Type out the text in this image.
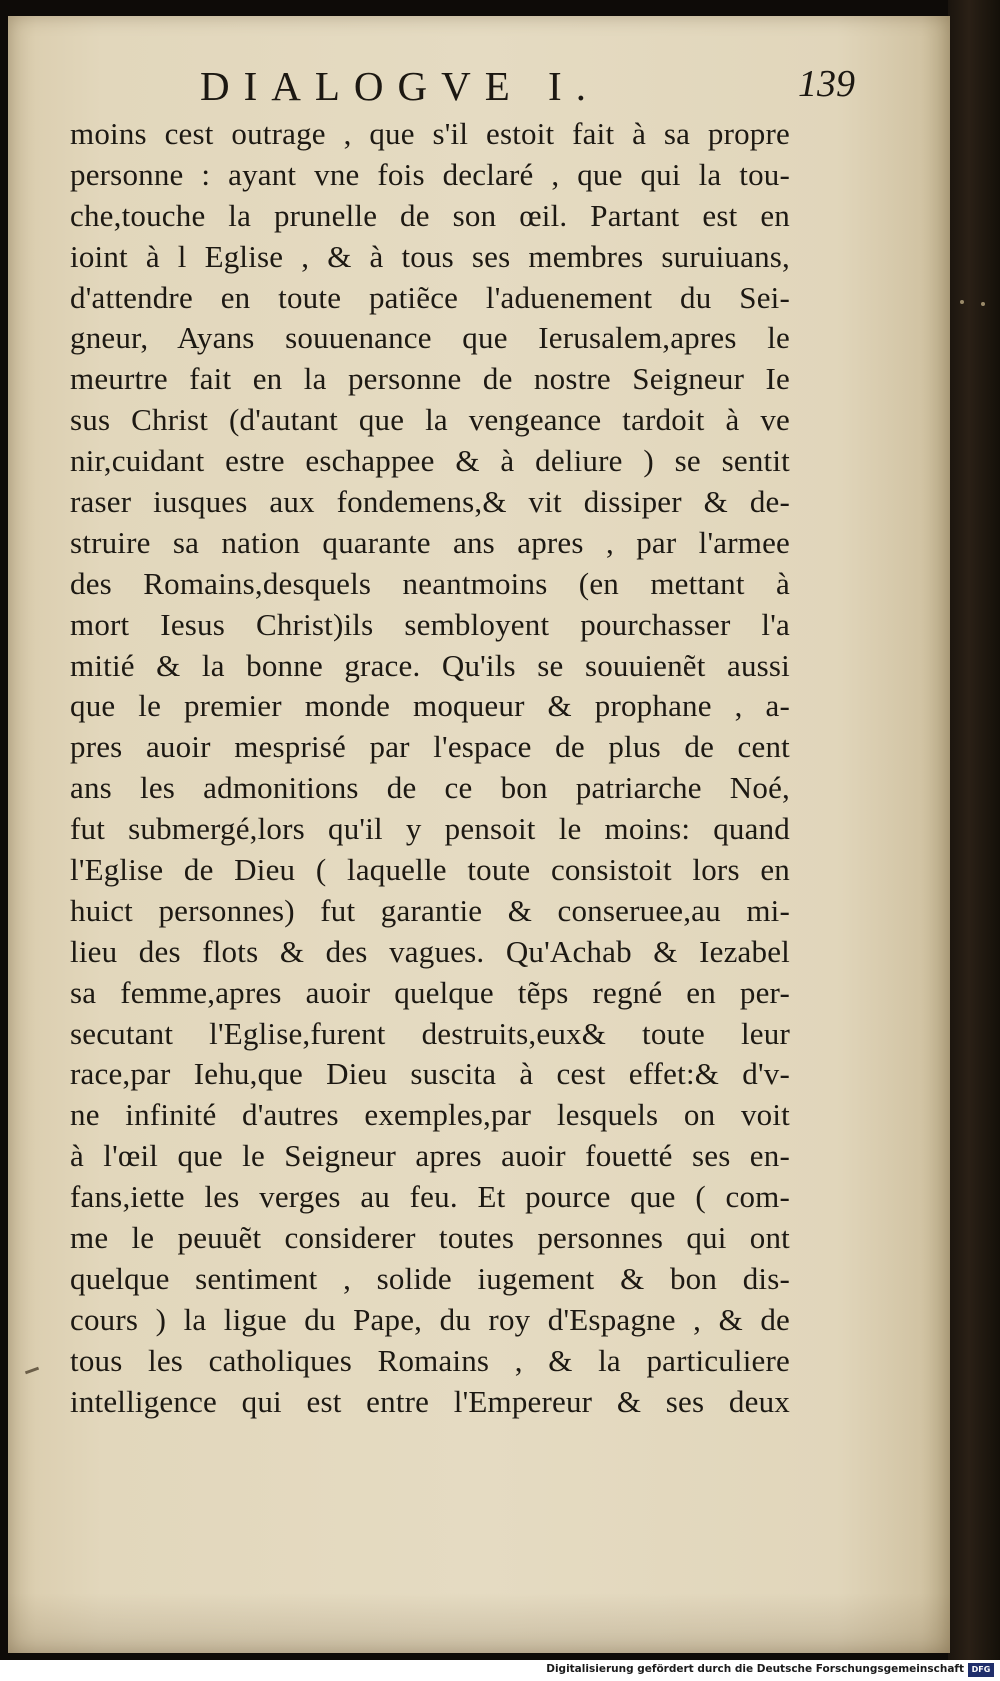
DIALOGVE I.	139
moins cest outrage , que s'il estoit fait à sa propre
personne : ayant vne fois declaré , que qui la tou-
che,touche la prunelle de son œil. Partant est en
ioint à l Eglise , & à tous ses membres suruiuans,
d'attendre en toute patiẽce l'aduenement du Sei-
gneur, Ayans souuenance que Ierusalem,apres le
meurtre fait en la personne de nostre Seigneur Ie
sus Christ (d'autant que la vengeance tardoit à ve
nir,cuidant estre eschappee & à deliure ) se sentit
raser iusques aux fondemens,& vit dissiper & de-
struire sa nation quarante ans apres , par l'armee
des Romains,desquels neantmoins (en mettant à
mort Iesus Christ)ils sembloyent pourchasser l'a
mitié & la bonne grace. Qu'ils se souuienẽt aussi
que le premier monde moqueur & prophane , a-
pres auoir mesprisé par l'espace de plus de cent
ans les admonitions de ce bon patriarche Noé,
fut submergé,lors qu'il y pensoit le moins: quand
l'Eglise de Dieu ( laquelle toute consistoit lors en
huict personnes) fut garantie & conseruee,au mi-
lieu des flots & des vagues. Qu'Achab & Iezabel
sa femme,apres auoir quelque tẽps regné en per-
secutant l'Eglise,furent destruits,eux& toute leur
race,par Iehu,que Dieu suscita à cest effet:& d'v-
ne infinité d'autres exemples,par lesquels on voit
à l'œil que le Seigneur apres auoir fouetté ses en-
fans,iette les verges au feu. Et pource que ( com-
me le peuuẽt considerer toutes personnes qui ont
quelque sentiment , solide iugement & bon dis-
cours ) la ligue du Pape, du roy d'Espagne , & de
tous les catholiques Romains , & la particuliere
intelligence qui est entre l'Empereur & ses deux
Digitalisierung gefördert durch die Deutsche Forschungsgemeinschaft DFG
